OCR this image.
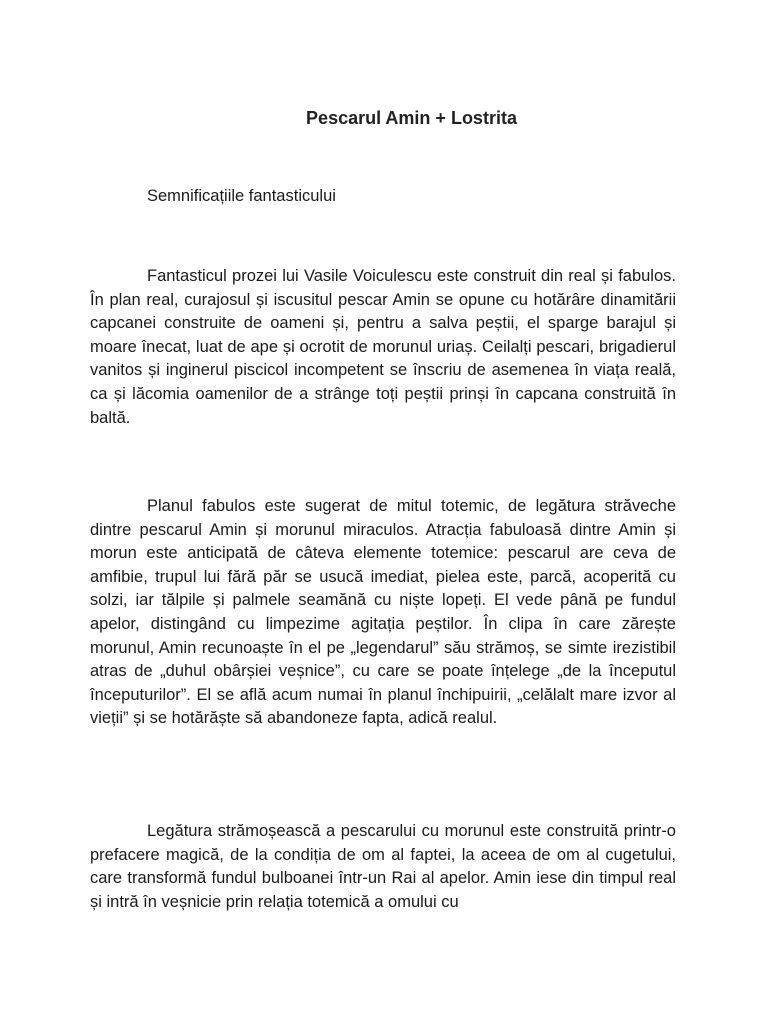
Pescarul Amin + Lostrita
Semnificațiile fantasticului

Fantasticul prozei lui Vasile Voiculescu este construit din real și fabulos. În plan real, curajosul și iscusitul pescar Amin se opune cu hotărâre dinamitării capcanei construite de oameni și, pentru a salva peștii, el sparge barajul și moare înecat, luat de ape și ocrotit de morunul uriaș. Ceilalți pescari, brigadierul vanitos și inginerul piscicol incompetent se înscriu de asemenea în viața reală, ca și lăcomia oamenilor de a strânge toți peștii prinși în capcana construită în baltă.

Planul fabulos este sugerat de mitul totemic, de legătura străveche dintre pescarul Amin și morunul miraculos. Atracția fabuloasă dintre Amin și morun este anticipată de câteva elemente totemice: pescarul are ceva de amfibie, trupul lui fără păr se usucă imediat, pielea este, parcă, acoperită cu solzi, iar tălpile și palmele seamănă cu niște lopeți. El vede până pe fundul apelor, distingând cu limpezime agitația peștilor. În clipa în care zărește morunul, Amin recunoaște în el pe „legendarul” său strămoș, se simte irezistibil atras de „duhul obârșiei veșnice”, cu care se poate înțelege „de la începutul începuturilor”. El se află acum numai în planul închipuirii, „celălalt mare izvor al vieții” și se hotărăște să abandoneze fapta, adică realul.

Legătura strămoșească a pescarului cu morunul este construită printr-o prefacere magică, de la condiția de om al faptei, la aceea de om al cugetului, care transformă fundul bulboanei într-un Rai al apelor. Amin iese din timpul real și intră în veșnicie prin relația totemică a omului cu
